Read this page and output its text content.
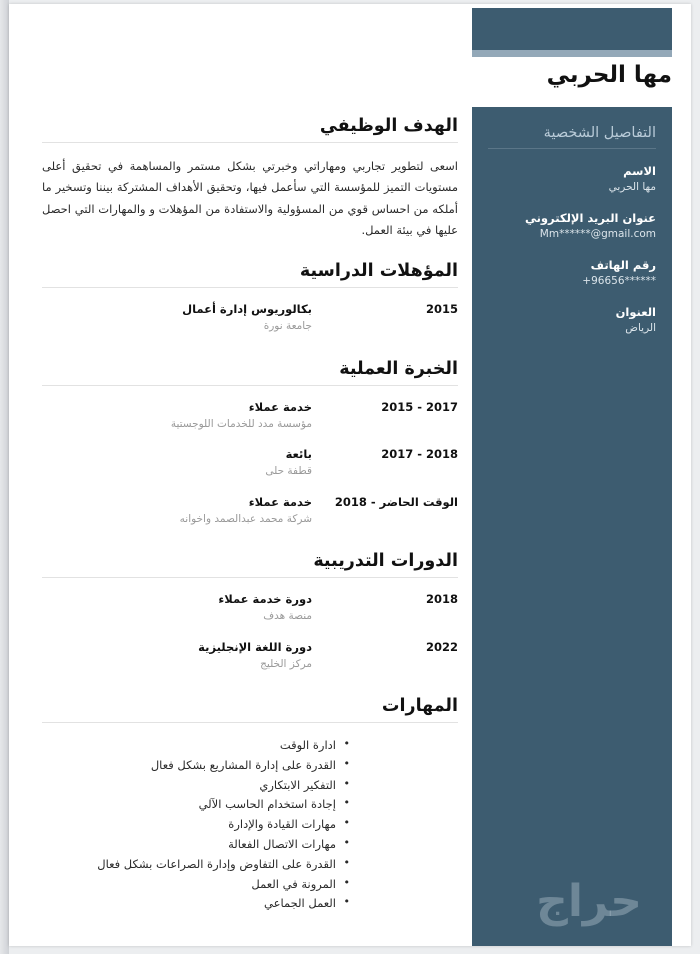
مها الحربي
التفاصيل الشخصية
الاسم
مها الحربي
عنوان البريد الإلكتروني
Mm******@gmail.com
رقم الهاتف
+96656******
العنوان
الرياض
حراج
الهدف الوظيفي
اسعى لتطوير تجاربي ومهاراتي وخبرتي بشكل مستمر والمساهمة في تحقيق أعلى مستويات التميز للمؤسسة التي سأعمل فيها، وتحقيق الأهداف المشتركة بيننا وتسخير ما أملكه من احساس قوي من المسؤولية والاستفادة من المؤهلات و والمهارات التي احصل عليها في بيئة العمل.
المؤهلات الدراسية
2015
بكالوريوس إدارة أعمال
جامعة نورة
الخبرة العملية
2015 - 2017
خدمة عملاء
مؤسسة مدد للخدمات اللوجستية
2017 - 2018
بائعة
قطفة حلى
الوقت الحاضر - 2018
خدمة عملاء
شركة محمد عبدالصمد واخوانه
الدورات التدريبية
2018
دورة خدمة عملاء
منصة هدف
2022
دورة اللغة الإنجليزية
مركز الخليج
المهارات
• ادارة الوقت
• القدرة على إدارة المشاريع بشكل فعال
• التفكير الابتكاري
• إجادة استخدام الحاسب الآلي
• مهارات القيادة والإدارة
• مهارات الاتصال الفعالة
• القدرة على التفاوض وإدارة الصراعات بشكل فعال
• المرونة في العمل
• العمل الجماعي
